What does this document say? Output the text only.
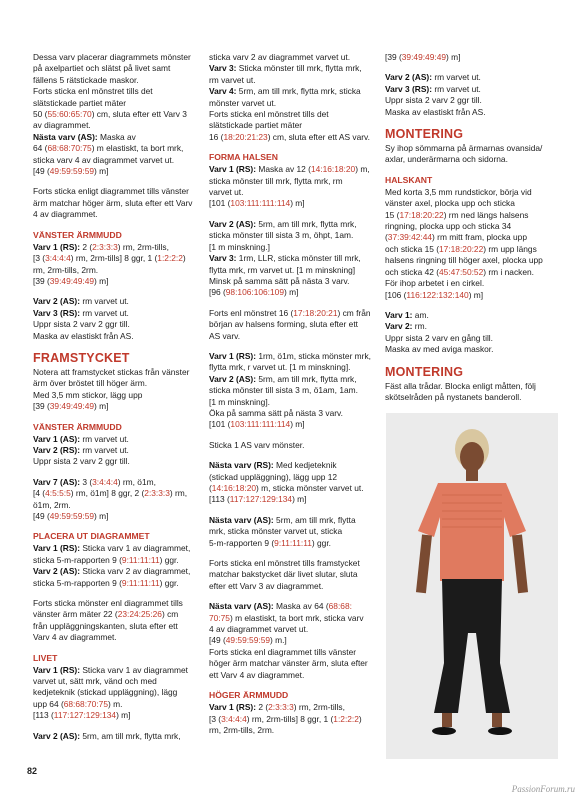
Dessa varv placerar diagrammets mönster
på axelpartiet och slätst på livet samt
fällens 5 rätstickade maskor.
Forts sticka enl mönstret tills det
slätstickade partiet mäter
50 (55:60:65:70) cm, sluta efter ett Varv 3
av diagrammet.
Nästa varv (AS): Maska av
64 (68:68:70:75) m elastiskt, ta bort mrk,
sticka varv 4 av diagrammet varvet ut.
[49 (49:59:59:59) m]
Forts sticka enligt diagrammet tills vänster
ärm matchar höger ärm, sluta efter ett Varv
4 av diagrammet.
VÄNSTER ÄRMMUDD
Varv 1 (RS): 2 (2:3:3:3) rm, 2rm-tills,
[3 (3:4:4:4) rm, 2rm-tills] 8 ggr, 1 (1:2:2:2)
rm, 2rm-tills, 2rm.
[39 (39:49:49:49) m]
Varv 2 (AS): rm varvet ut.
Varv 3 (RS): rm varvet ut.
Uppr sista 2 varv 2 ggr till.
Maska av elastiskt från AS.
FRAMSTYCKET
Notera att framstycket stickas från vänster
ärm över bröstet till höger ärm.
Med 3,5 mm stickor, lägg upp
[39 (39:49:49:49) m]
VÄNSTER ÄRMMUDD
Varv 1 (AS): rm varvet ut.
Varv 2 (RS): rm varvet ut.
Uppr sista 2 varv 2 ggr till.
Varv 7 (AS): 3 (3:4:4:4) rm, ö1m,
[4 (4:5:5:5) rm, ö1m] 8 ggr, 2 (2:3:3:3) rm,
ö1m, 2rm.
[49 (49:59:59:59) m]
PLACERA UT DIAGRAMMET
Varv 1 (RS): Sticka varv 1 av diagrammet,
sticka 5-m-rapporten 9 (9:11:11:11) ggr.
Varv 2 (AS): Sticka varv 2 av diagrammet,
sticka 5-m-rapporten 9 (9:11:11:11) ggr.
Forts sticka mönster enl diagrammet tills
vänster ärm mäter 22 (23:24:25:26) cm
från uppläggningskanten, sluta efter ett
Varv 4 av diagrammet.
LIVET
Varv 1 (RS): Sticka varv 1 av diagrammet
varvet ut, sätt mrk, vänd och med
kedjeteknik (stickad uppläggning), lägg
upp 64 (68:68:70:75) m.
[113 (117:127:129:134) m]
Varv 2 (AS): 5rm, am till mrk, flytta mrk,
sticka varv 2 av diagrammet varvet ut.
Varv 3: Sticka mönster till mrk, flytta mrk,
rm varvet ut.
Varv 4: 5rm, am till mrk, flytta mrk, sticka
mönster varvet ut.
Forts sticka enl mönstret tills det
slätstickade partiet mäter
16 (18:20:21:23) cm, sluta efter ett AS varv.
FORMA HALSEN
Varv 1 (RS): Maska av 12 (14:16:18:20) m,
sticka mönster till mrk, flytta mrk, rm
varvet ut.
[101 (103:111:111:114) m]
Varv 2 (AS): 5rm, am till mrk, flytta mrk,
sticka mönster till sista 3 m, öhpt, 1am.
[1 m minskning.]
Varv 3: 1rm, LLR, sticka mönster till mrk,
flytta mrk, rm varvet ut. [1 m minskning]
Minsk på samma sätt på nästa 3 varv.
[96 (98:106:106:109) m]
Forts enl mönstret 16 (17:18:20:21) cm från
början av halsens forming, sluta efter ett
AS varv.
Varv 1 (RS): 1rm, ö1m, sticka mönster mrk,
flytta mrk, r varvet ut. [1 m minskning].
Varv 2 (AS): 5rm, am till mrk, flytta mrk,
sticka mönster till sista 3 m, ö1am, 1am.
[1 m minskning].
Öka på samma sätt på nästa 3 varv.
[101 (103:111:111:114) m]
Sticka 1 AS varv mönster.
Nästa varv (RS): Med kedjeteknik
(stickad uppläggning), lägg upp 12
(14:16:18:20) m, sticka mönster varvet ut.
[113 (117:127:129:134) m]
Nästa varv (AS): 5rm, am till mrk, flytta
mrk, sticka mönster varvet ut, sticka
5-m-rapporten 9 (9:11:11:11) ggr.
Forts sticka enl mönstret tills framstycket
matchar bakstycket där livet slutar, sluta
efter ett Varv 3 av diagrammet.
Nästa varv (AS): Maska av 64 (68:68:
70:75) m elastiskt, ta bort mrk, sticka varv
4 av diagrammet varvet ut.
[49 (49:59:59:59) m.]
Forts sticka enl diagrammet tills vänster
höger ärm matchar vänster ärm, sluta efter
ett Varv 4 av diagrammet.
HÖGER ÄRMMUDD
Varv 1 (RS): 2 (2:3:3:3) rm, 2rm-tills,
[3 (3:4:4:4) rm, 2rm-tills] 8 ggr, 1 (1:2:2:2)
rm, 2rm-tills, 2rm.
[39 (39:49:49:49) m]
Varv 2 (AS): rm varvet ut.
Varv 3 (RS): rm varvet ut.
Uppr sista 2 varv 2 ggr till.
Maska av elastiskt från AS.
MONTERING
Sy ihop sömmarna på ärmarnas ovansida/
axlar, underärmarna och sidorna.
HALSKANT
Med korta 3,5 mm rundstickor, börja vid
vänster axel, plocka upp och sticka
15 (17:18:20:22) rm ned längs halsens
ringning, plocka upp och sticka 34
(37:39:42:44) rm mitt fram, plocka upp
och sticka 15 (17:18:20:22) rm upp längs
halsens ringning till höger axel, plocka upp
och sticka 42 (45:47:50:52) rm i nacken.
För ihop arbetet i en cirkel.
[106 (116:122:132:140) m]
Varv 1: am.
Varv 2: rm.
Uppr sista 2 varv en gång till.
Maska av med aviga maskor.
MONTERING
Fäst alla trådar. Blocka enligt måtten, följ
skötselråden på nystanets banderoll.
82
PassionForum.ru
